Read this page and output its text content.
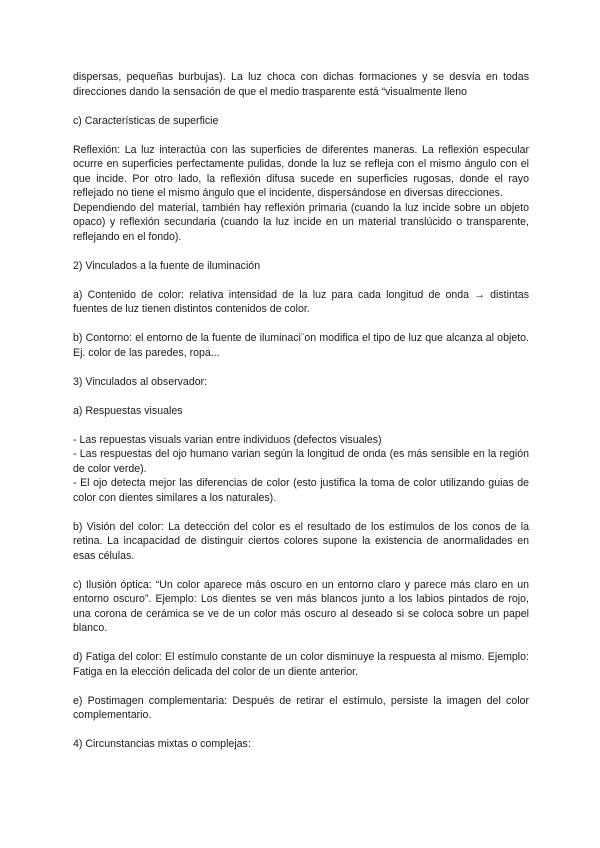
dispersas, pequeñas burbujas). La luz choca con dichas formaciones y se desvía en todas direcciones dando la sensación de que el medio trasparente está “visualmente lleno

c) Características de superficie

Reflexión: La luz interactúa con las superficies de diferentes maneras. La reflexión especular ocurre en superficies perfectamente pulidas, donde la luz se refleja con el mismo ángulo con el que incide. Por otro lado, la reflexión difusa sucede en superficies rugosas, donde el rayo reflejado no tiene el mismo ángulo que el incidente, dispersándose en diversas direcciones.

Dependiendo del material, también hay reflexión primaria (cuando la luz incide sobre un objeto opaco) y reflexión secundaria (cuando la luz incide en un material translúcido o transparente, reflejando en el fondo).

2) Vinculados a la fuente de iluminación

a) Contenido de color: relativa intensidad de la luz para cada longitud de onda → distintas fuentes de luz tienen distintos contenidos de color.

b) Contorno: el entorno de la fuente de iluminaci¨on modifica el tipo de luz que alcanza al objeto. Ej. color de las paredes, ropa...

3) Vinculados al observador:

a) Respuestas visuales

- Las repuestas visuals varian entre individuos (defectos visuales)
- Las respuestas del ojo humano varian según la longitud de onda (es más sensible en la región de color verde).
- El ojo detecta mejor las diferencias de color (esto justifica la toma de color utilizando guias de color con dientes similares a los naturales).

b) Visión del color: La detección del color es el resultado de los estímulos de los conos de la retina. La incapacidad de distinguir ciertos colores supone la existencia de anormalidades en esas células.

c) Ilusión óptica: “Un color aparece más oscuro en un entorno claro y parece más claro en un entorno oscuro”. Ejemplo: Los dientes se ven más blancos junto a los labios pintados de rojo, una corona de cerámica se ve de un color más oscuro al deseado si se coloca sobre un papel blanco.

d) Fatiga del color: El estímulo constante de un color disminuye la respuesta al mismo. Ejemplo: Fatiga en la elección delicada del color de un diente anterior.

e) Postimagen complementaria: Después de retirar el estímulo, persiste la imagen del color complementario.

4) Circunstancias mixtas o complejas:
